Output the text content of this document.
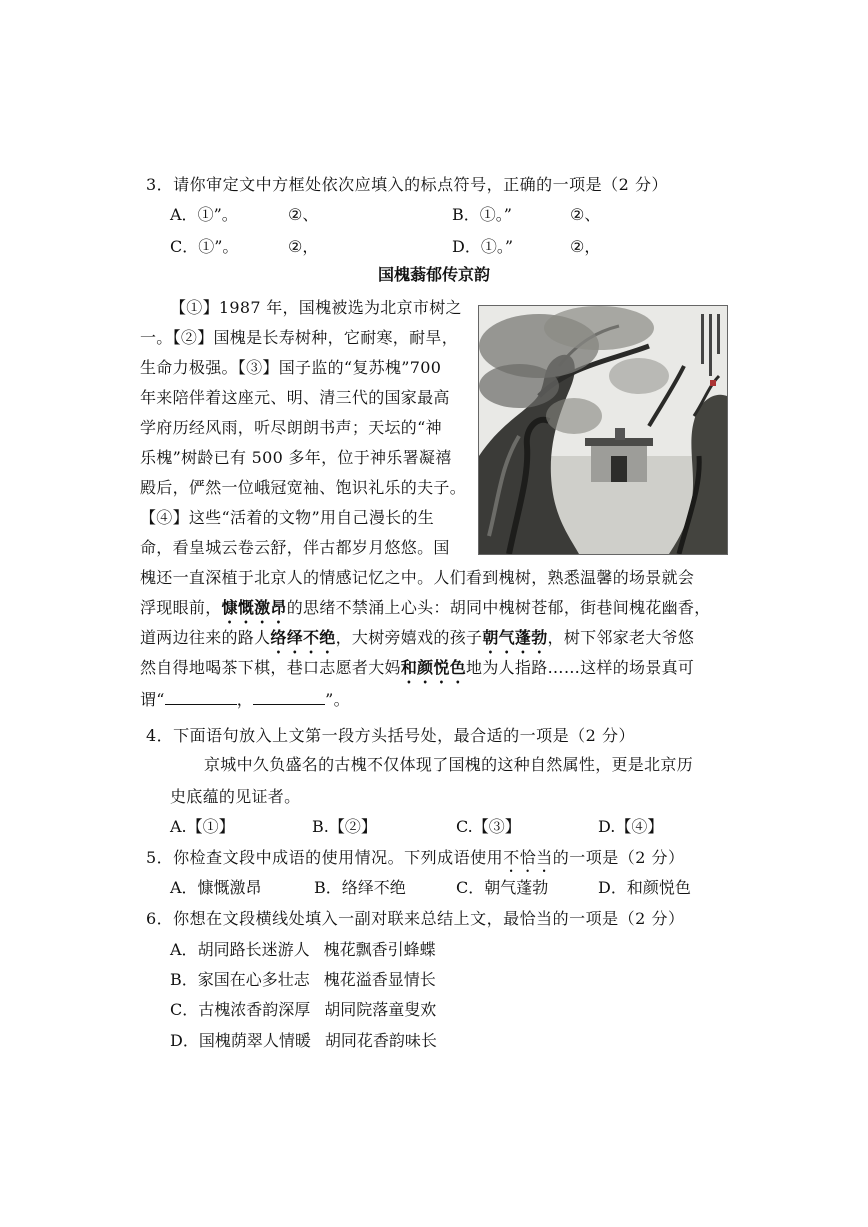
3．请你审定文中方框处依次应填入的标点符号，正确的一项是（2 分）
A．①”。	②、	B．①。”	②、
C．①”。	②，	D．①。”	②，
国槐蓊郁传京韵
【①】1987 年，国槐被选为北京市树之
一。【②】国槐是长寿树种，它耐寒，耐旱，
生命力极强。【③】国子监的“复苏槐”700
年来陪伴着这座元、明、清三代的国家最高
学府历经风雨，听尽朗朗书声；天坛的“神
乐槐”树龄已有 500 多年，位于神乐署凝禧
殿后，俨然一位峨冠宽袖、饱识礼乐的夫子。
【④】这些“活着的文物”用自己漫长的生
命，看皇城云卷云舒，伴古都岁月悠悠。国
槐还一直深植于北京人的情感记忆之中。人们看到槐树，熟悉温馨的场景就会
浮现眼前，慷慨激昂的思绪不禁涌上心头：胡同中槐树苍郁，街巷间槐花幽香，
道两边往来的路人络绎不绝，大树旁嬉戏的孩子朝气蓬勃，树下邻家老大爷悠
然自得地喝茶下棋，巷口志愿者大妈和颜悦色地为人指路……这样的场景真可
谓“	，	”。
4．下面语句放入上文第一段方头括号处，最合适的一项是（2 分）
京城中久负盛名的古槐不仅体现了国槐的这种自然属性，更是北京历
史底蕴的见证者。
A.【①】	B.【②】	C.【③】	D.【④】
5．你检查文段中成语的使用情况。下列成语使用不恰当的一项是（2 分）
A．慷慨激昂	B．络绎不绝	C．朝气蓬勃	D．和颜悦色
6．你想在文段横线处填入一副对联来总结上文，最恰当的一项是（2 分）
A．胡同路长迷游人 槐花飘香引蜂蝶
B．家国在心多壮志 槐花溢香显情长
C．古槐浓香韵深厚 胡同院落童叟欢
D．国槐荫翠人情暖 胡同花香韵味长
